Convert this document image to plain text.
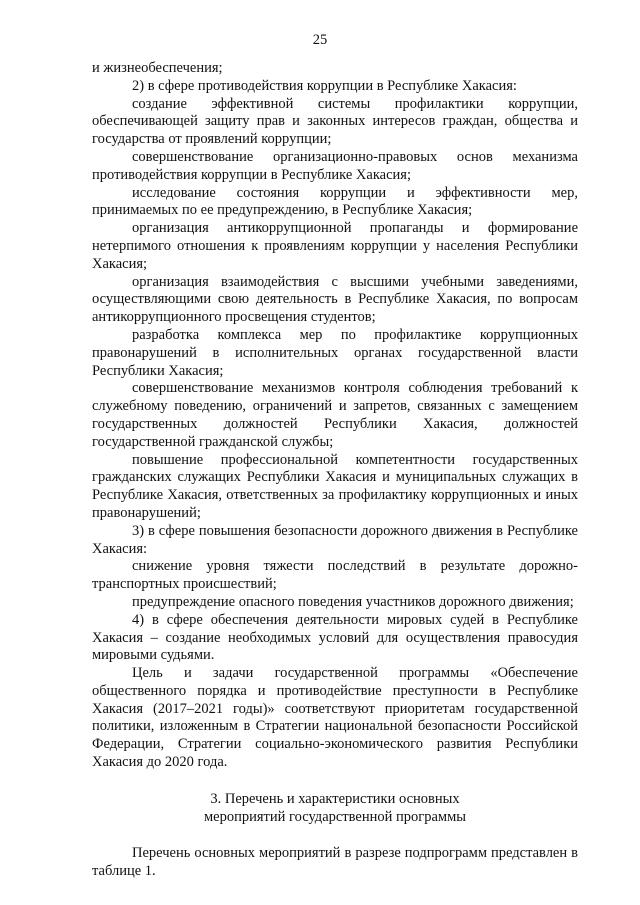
25

и жизнеобеспечения;

2) в сфере противодействия коррупции в Республике Хакасия:

создание эффективной системы профилактики коррупции, обеспечивающей защиту прав и законных интересов граждан, общества и государства от проявлений коррупции;

совершенствование организационно-правовых основ механизма противодействия коррупции в Республике Хакасия;

исследование состояния коррупции и эффективности мер, принимаемых по ее предупреждению, в Республике Хакасия;

организация антикоррупционной пропаганды и формирование нетерпимого отношения к проявлениям коррупции у населения Республики Хакасия;

организация взаимодействия с высшими учебными заведениями, осуществляющими свою деятельность в Республике Хакасия, по вопросам антикоррупционного просвещения студентов;

разработка комплекса мер по профилактике коррупционных правонарушений в исполнительных органах государственной власти Республики Хакасия;

совершенствование механизмов контроля соблюдения требований к служебному поведению, ограничений и запретов, связанных с замещением государственных должностей Республики Хакасия, должностей государственной гражданской службы;

повышение профессиональной компетентности государственных гражданских служащих Республики Хакасия и муниципальных служащих в Республике Хакасия, ответственных за профилактику коррупционных и иных правонарушений;

3) в сфере повышения безопасности дорожного движения в Республике Хакасия:

снижение уровня тяжести последствий в результате дорожно-транспортных происшествий;

предупреждение опасного поведения участников дорожного движения;

4) в сфере обеспечения деятельности мировых судей в Республике Хакасия – создание необходимых условий для осуществления правосудия мировыми судьями.

Цель и задачи государственной программы «Обеспечение общественного порядка и противодействие преступности в Республике Хакасия (2017–2021 годы)» соответствуют приоритетам государственной политики, изложенным в Стратегии национальной безопасности Российской Федерации, Стратегии социально-экономического развития Республики Хакасия до 2020 года.

3. Перечень и характеристики основных
мероприятий государственной программы

Перечень основных мероприятий в разрезе подпрограмм представлен в таблице 1.
